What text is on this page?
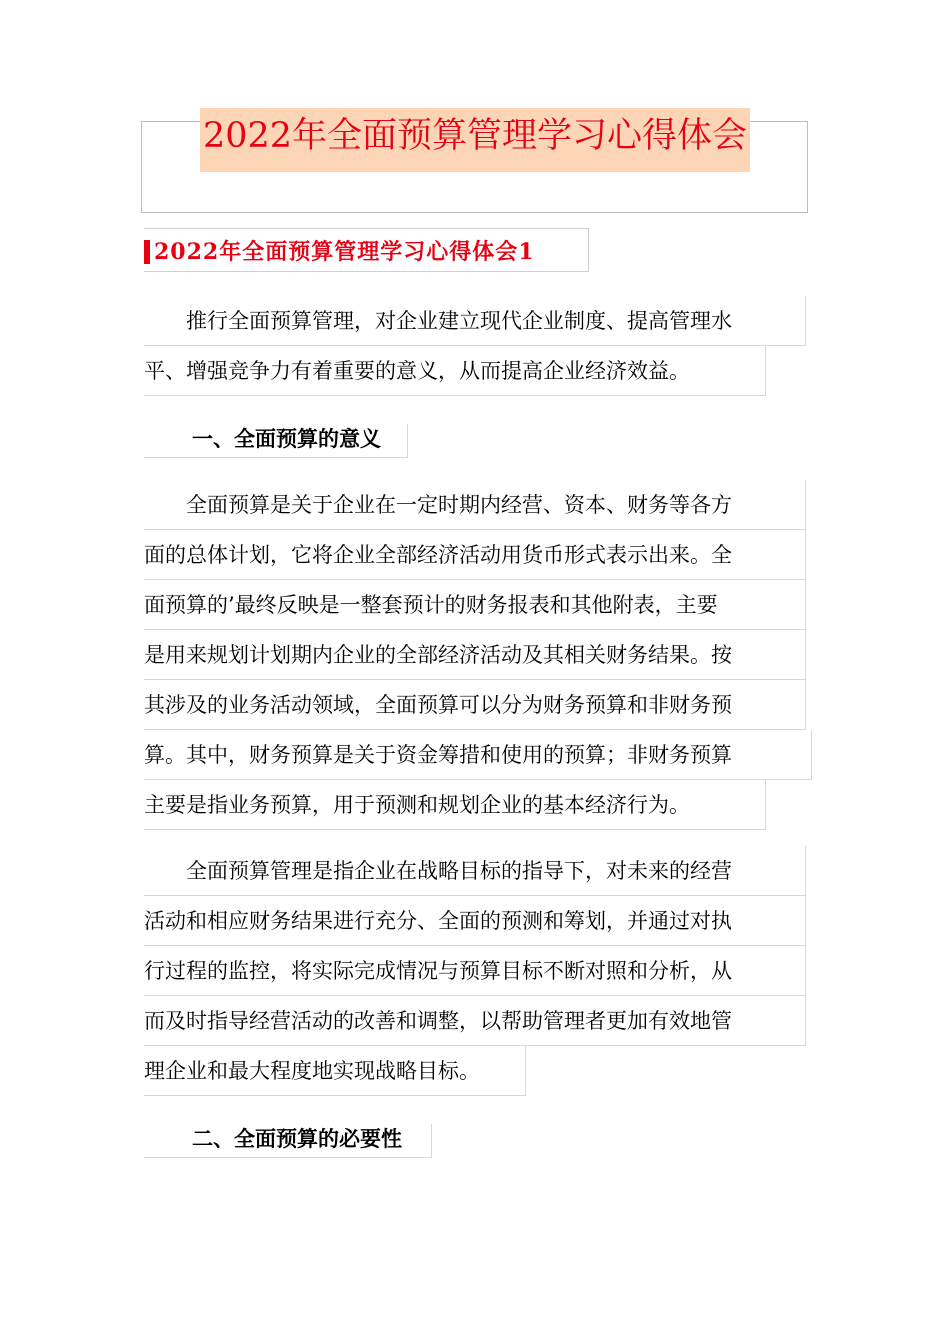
2022年全面预算管理学习心得体会
2022年全面预算管理学习心得体会1
　　推行全面预算管理，对企业建立现代企业制度、提高管理水
平、增强竞争力有着重要的意义，从而提高企业经济效益。
一、全面预算的意义
　　全面预算是关于企业在一定时期内经营、资本、财务等各方
面的总体计划，它将企业全部经济活动用货币形式表示出来。全
面预算的’最终反映是一整套预计的财务报表和其他附表，主要
是用来规划计划期内企业的全部经济活动及其相关财务结果。按
其涉及的业务活动领域，全面预算可以分为财务预算和非财务预
算。其中，财务预算是关于资金筹措和使用的预算；非财务预算
主要是指业务预算，用于预测和规划企业的基本经济行为。
　　全面预算管理是指企业在战略目标的指导下，对未来的经营
活动和相应财务结果进行充分、全面的预测和筹划，并通过对执
行过程的监控，将实际完成情况与预算目标不断对照和分析，从
而及时指导经营活动的改善和调整，以帮助管理者更加有效地管
理企业和最大程度地实现战略目标。
二、全面预算的必要性
